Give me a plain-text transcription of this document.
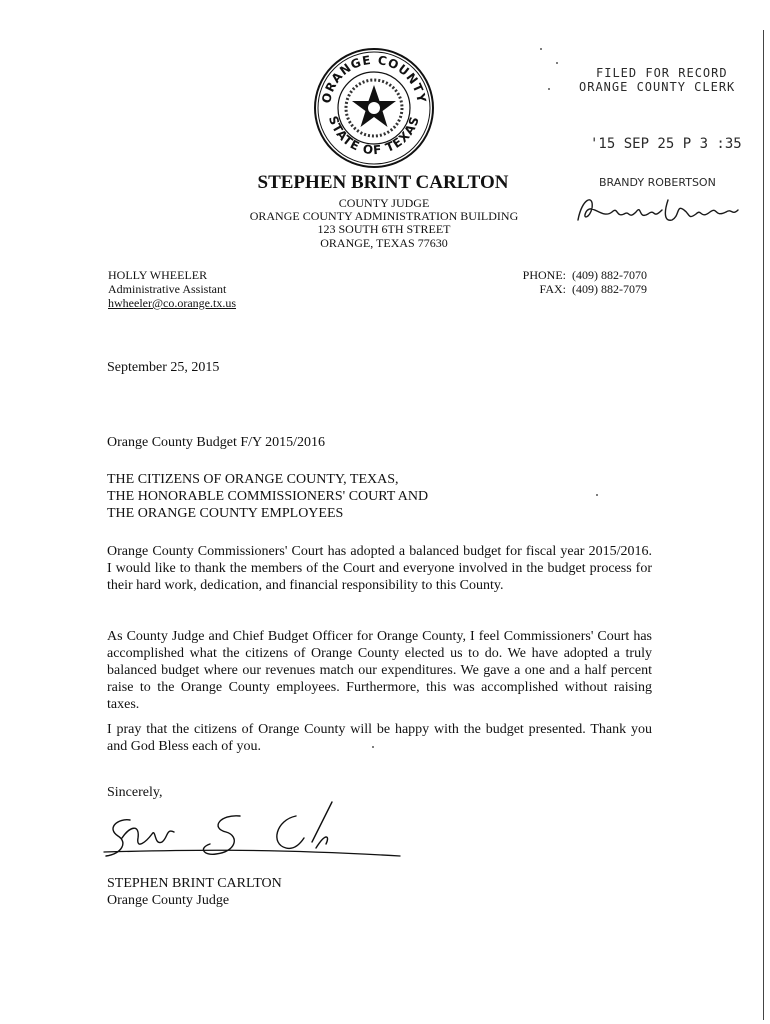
ORANGE COUNTY
STATE OF TEXAS
FILED FOR RECORD
ORANGE COUNTY CLERK
'15 SEP 25 P 3 :35
BRANDY ROBERTSON
STEPHEN BRINT CARLTON
COUNTY JUDGE
ORANGE COUNTY ADMINISTRATION BUILDING
123 SOUTH 6TH STREET
ORANGE, TEXAS 77630
HOLLY WHEELER
Administrative Assistant
hwheeler@co.orange.tx.us
PHONE: (409) 882-7070
FAX: (409) 882-7079
September 25, 2015
Orange County Budget F/Y 2015/2016
THE CITIZENS OF ORANGE COUNTY, TEXAS,
THE HONORABLE COMMISSIONERS' COURT AND
THE ORANGE COUNTY EMPLOYEES
Orange County Commissioners' Court has adopted a balanced budget for fiscal year 2015/2016. I would like to thank the members of the Court and everyone involved in the budget process for their hard work, dedication, and financial responsibility to this County.
As County Judge and Chief Budget Officer for Orange County, I feel Commissioners' Court has accomplished what the citizens of Orange County elected us to do. We have adopted a truly balanced budget where our revenues match our expenditures. We gave a one and a half percent raise to the Orange County employees. Furthermore, this was accomplished without raising taxes.
I pray that the citizens of Orange County will be happy with the budget presented. Thank you and God Bless each of you.
Sincerely,
STEPHEN BRINT CARLTON
Orange County Judge
